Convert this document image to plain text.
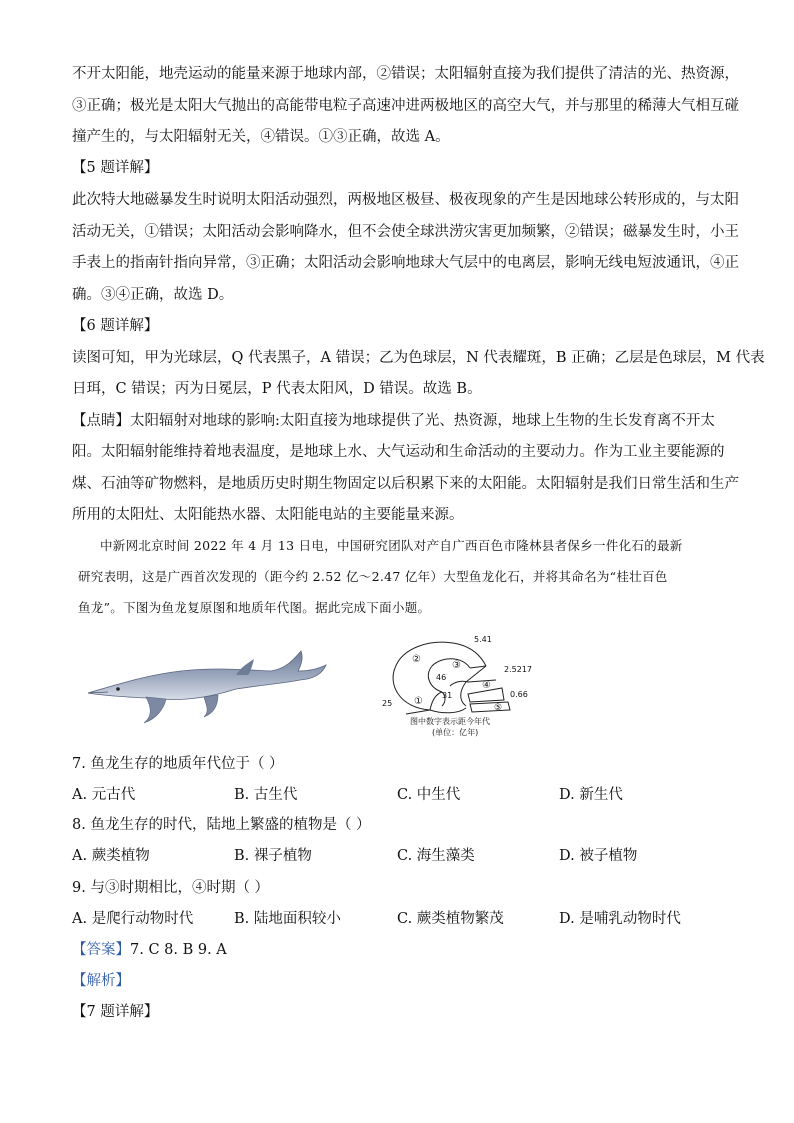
不开太阳能，地壳运动的能量来源于地球内部，②错误；太阳辐射直接为我们提供了清洁的光、热资源，
③正确；极光是太阳大气抛出的高能带电粒子高速冲进两极地区的高空大气，并与那里的稀薄大气相互碰
撞产生的，与太阳辐射无关，④错误。①③正确，故选 A。
【5 题详解】
此次特大地磁暴发生时说明太阳活动强烈，两极地区极昼、极夜现象的产生是因地球公转形成的，与太阳
活动无关，①错误；太阳活动会影响降水，但不会使全球洪涝灾害更加频繁，②错误；磁暴发生时，小王
手表上的指南针指向异常，③正确；太阳活动会影响地球大气层中的电离层，影响无线电短波通讯，④正
确。③④正确，故选 D。
【6 题详解】
读图可知，甲为光球层，Q 代表黑子，A 错误；乙为色球层，N 代表耀斑，B 正确；乙层是色球层，M 代表
日珥，C 错误；丙为日冕层，P 代表太阳风，D 错误。故选 B。
【点睛】太阳辐射对地球的影响:太阳直接为地球提供了光、热资源，地球上生物的生长发育离不开太
阳。太阳辐射能维持着地表温度，是地球上水、大气运动和生命活动的主要动力。作为工业主要能源的
煤、石油等矿物燃料，是地质历史时期生物固定以后积累下来的太阳能。太阳辐射是我们日常生活和生产
所用的太阳灶、太阳能热水器、太阳能电站的主要能量来源。
中新网北京时间 2022 年 4 月 13 日电，中国研究团队对产自广西百色市隆林县者保乡一件化石的最新
研究表明，这是广西首次发现的（距今约 2.52 亿～2.47 亿年）大型鱼龙化石，并将其命名为“桂壮百色
鱼龙”。下图为鱼龙复原图和地质年代图。据此完成下面小题。
5.41
2.5217
0.66
46
31
25
②
①
③
④
⑤
图中数字表示距今年代
(单位：亿年)
7. 鱼龙生存的地质年代位于（ ）
A. 元古代	B. 古生代	C. 中生代	D. 新生代
8. 鱼龙生存的时代，陆地上繁盛的植物是（ ）
A. 蕨类植物	B. 裸子植物	C. 海生藻类	D. 被子植物
9. 与③时期相比，④时期（ ）
A. 是爬行动物时代	B. 陆地面积较小	C. 蕨类植物繁茂	D. 是哺乳动物时代
【答案】7. C 8. B 9. A
【解析】
【7 题详解】
